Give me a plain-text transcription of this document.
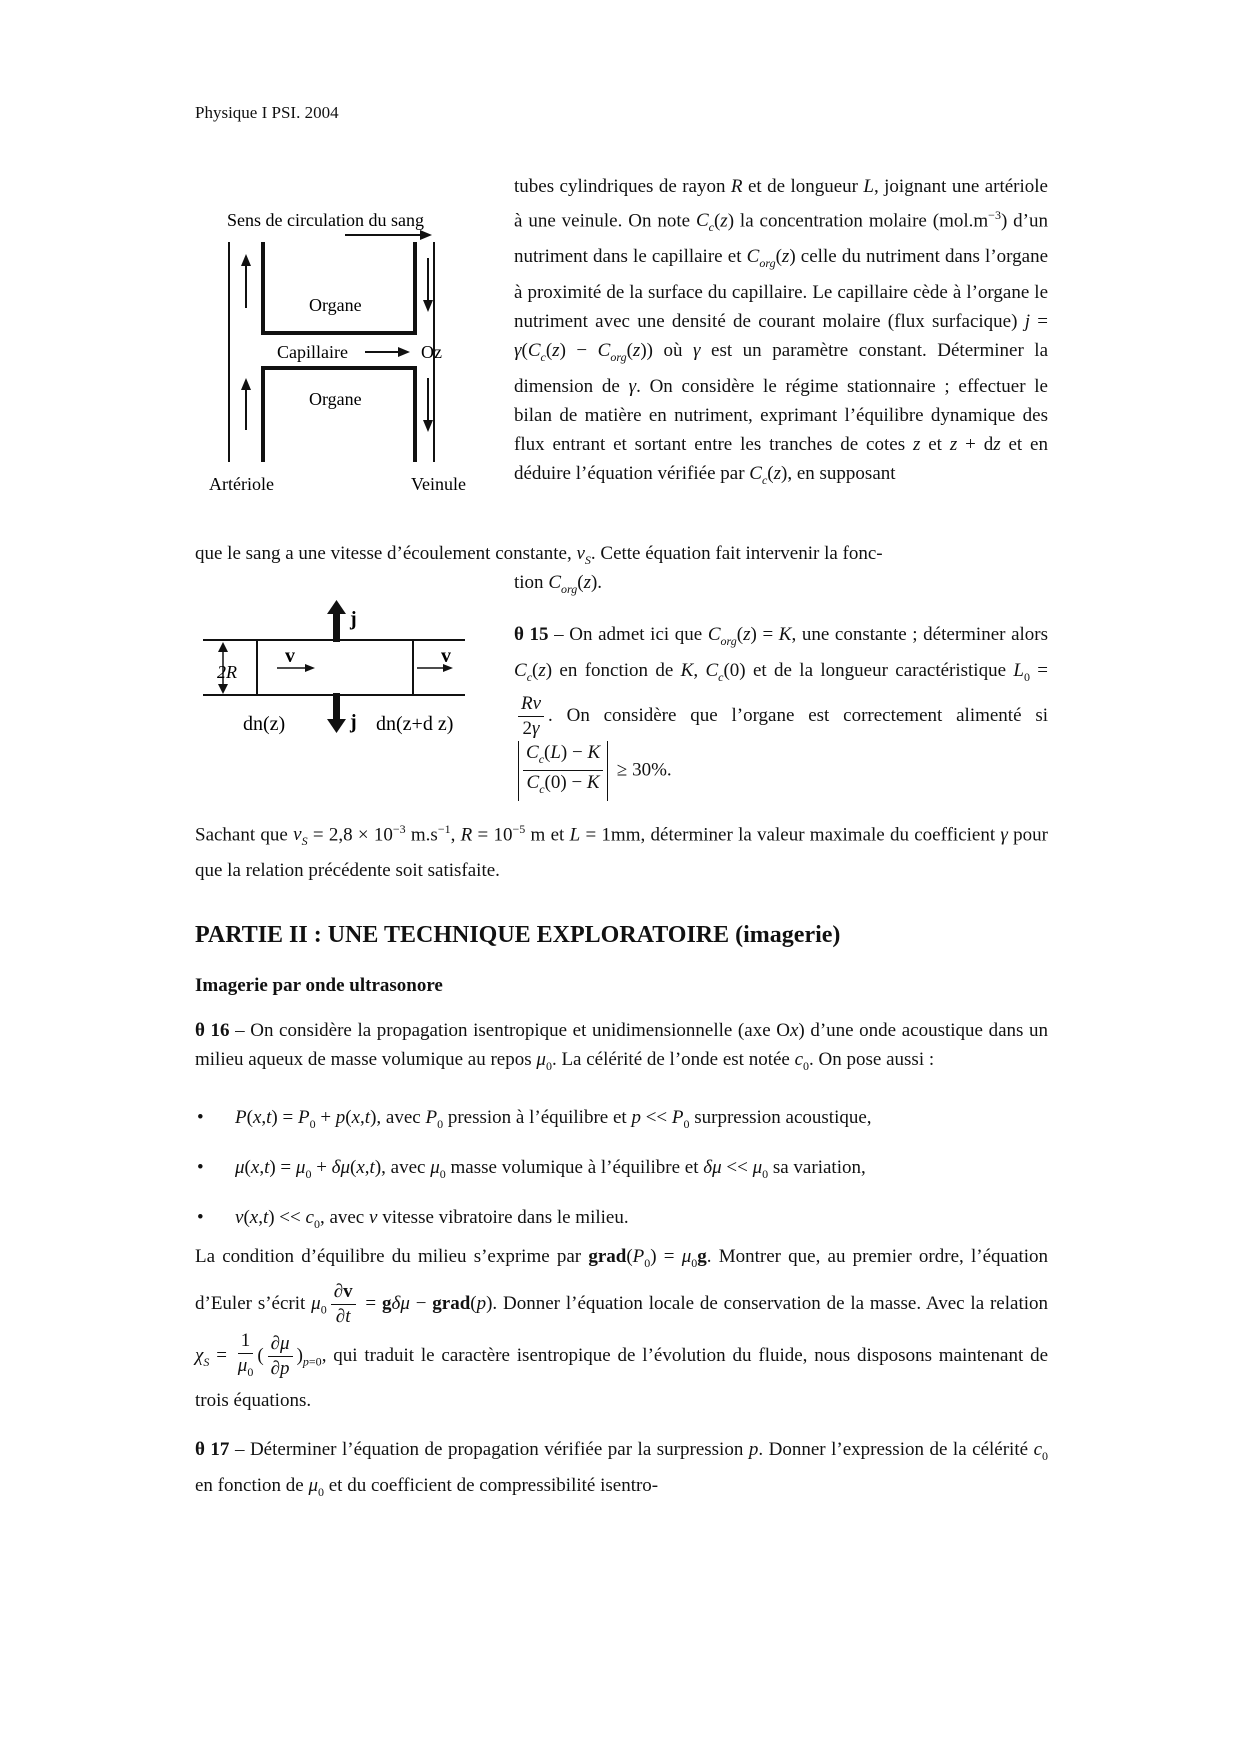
Physique I PSI. 2004
Sens de circulation du sang
Organe
Capillaire	Oz
Organe
Artériole	Veinule
tubes cylindriques de rayon R et de longueur L, joignant une artériole à une veinule. On note $C_c(z)$ la concentration molaire $(mol.m^{-3})$ d’un nutriment dans le capillaire et $C_{org}(z)$ celle du nutriment dans l’organe à proximité de la surface du capillaire. Le capillaire cède à l’organe le nutriment avec une densité de courant molaire (flux surfacique) $j = \gamma(C_c(z) - C_{org}(z))$ où γ est un paramètre constant. Déterminer la dimension de γ. On considère le régime stationnaire ; effectuer le bilan de matière en nutriment, exprimant l’équilibre dynamique des flux entrant et sortant entre les tranches de cotes z et z + dz et en déduire l’équation vérifiée par $C_c(z)$, en supposant
que le sang a une vitesse d’écoulement constante, $v_S$. Cette équation fait intervenir la fonc-
tion $C_{org}(z)$.
2R
v	v
j
j
dn(z)	dn(z+d z)
θ 15 – On admet ici que $C_{org}(z) = K$, une constante ; déterminer alors $C_c(z)$ en fonction de K, $C_c(0)$ et de la longueur caractéristique $L_0$ =
$\frac{Rv}{2\gamma}$ . On considère que l’organe est correctement alimenté si
$\frac{C_c(L) - K}{C_c(0) - K} \ge 30\%$.
Sachant que $v_S = 2,8 \times 10^{-3}$ $m.s^{-1}$, $R = 10^{-5}$ m et L = 1mm, déterminer la valeur maximale du coefficient γ pour que la relation précédente soit satisfaite.
PARTIE II : UNE TECHNIQUE EXPLORATOIRE (imagerie)
Imagerie par onde ultrasonore
θ 16 – On considère la propagation isentropique et unidimensionnelle (axe Ox) d’une onde acoustique dans un milieu aqueux de masse volumique au repos $\mu_0$. La célérité de l’onde est notée $c_0$. On pose aussi :
• $P(x,t) = P_0 + p(x,t)$, avec $P_0$ pression à l’équilibre et $p << P_0$ surpression acoustique,
• $\mu(x,t) = \mu_0 + \delta\mu(x,t)$, avec $\mu_0$ masse volumique à l’équilibre et $\delta\mu << \mu_0$ sa variation,
• $v(x,t) << c_0$, avec v vitesse vibratoire dans le milieu.
La condition d’équilibre du milieu s’exprime par $grad(P_0) = \mu_0g$. Montrer que, au premier ordre, l’équation d’Euler s’écrit $\mu_0 \frac{\partial v}{\partial t} = g\delta\mu$ − grad(p). Donner l’équation locale de conservation de la masse. Avec la relation $\chi_S = \frac{1}{\mu_0}$ ( $\frac{\partial\mu}{\partial p} )_{p=0}$, qui traduit le caractère isentropique de l’évolution du fluide, nous disposons maintenant de trois équations.
θ 17 – Déterminer l’équation de propagation vérifiée par la surpression p. Donner l’expression de la célérité $c_0$ en fonction de $\mu_0$ et du coefficient de compressibilité isentro-
